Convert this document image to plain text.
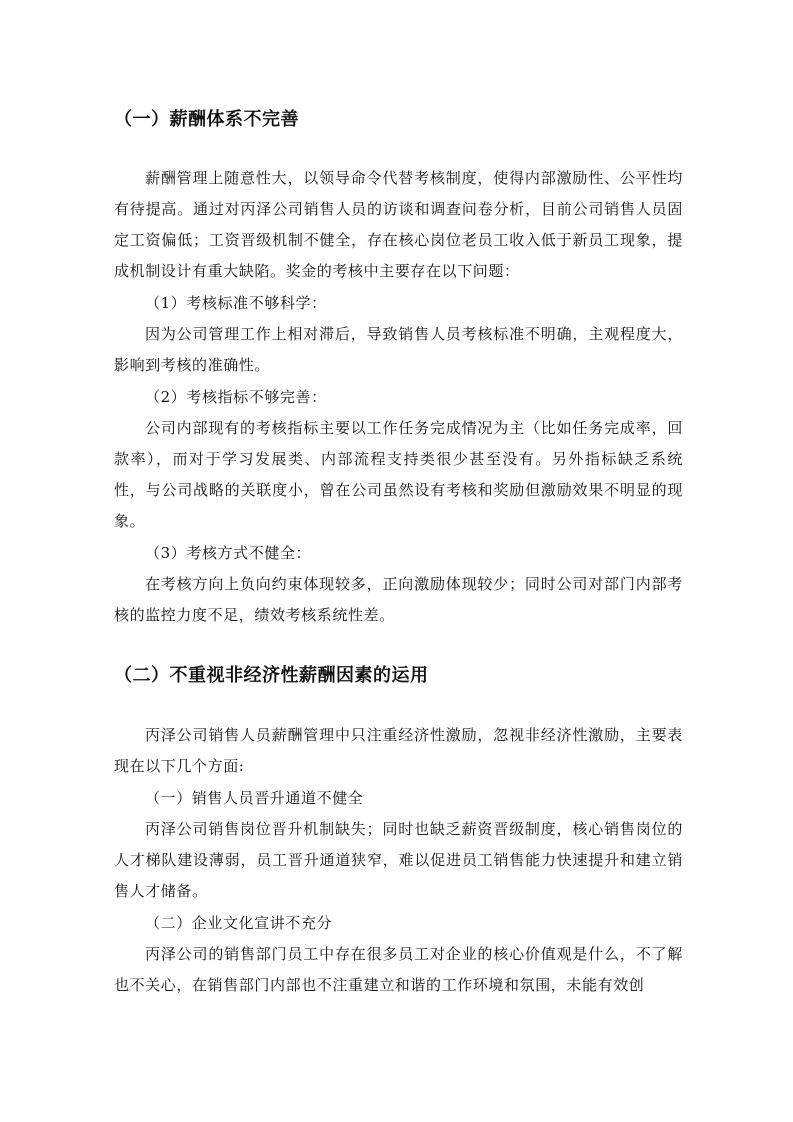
（一）薪酬体系不完善

薪酬管理上随意性大，以领导命令代替考核制度，使得内部激励性、公平性均有待提高。通过对丙泽公司销售人员的访谈和调查问卷分析，目前公司销售人员固定工资偏低；工资晋级机制不健全，存在核心岗位老员工收入低于新员工现象，提成机制设计有重大缺陷。奖金的考核中主要存在以下问题：

（1）考核标准不够科学：

因为公司管理工作上相对滞后，导致销售人员考核标准不明确，主观程度大，影响到考核的准确性。

（2）考核指标不够完善：

公司内部现有的考核指标主要以工作任务完成情况为主（比如任务完成率，回款率），而对于学习发展类、内部流程支持类很少甚至没有。另外指标缺乏系统性，与公司战略的关联度小，曾在公司虽然设有考核和奖励但激励效果不明显的现象。

（3）考核方式不健全：

在考核方向上负向约束体现较多，正向激励体现较少；同时公司对部门内部考核的监控力度不足，绩效考核系统性差。

（二）不重视非经济性薪酬因素的运用

丙泽公司销售人员薪酬管理中只注重经济性激励，忽视非经济性激励，主要表现在以下几个方面:

（一）销售人员晋升通道不健全

丙泽公司销售岗位晋升机制缺失；同时也缺乏薪资晋级制度，核心销售岗位的人才梯队建设薄弱，员工晋升通道狭窄，难以促进员工销售能力快速提升和建立销售人才储备。

（二）企业文化宣讲不充分

丙泽公司的销售部门员工中存在很多员工对企业的核心价值观是什么，不了解也不关心，在销售部门内部也不注重建立和谐的工作环境和氛围，未能有效创
